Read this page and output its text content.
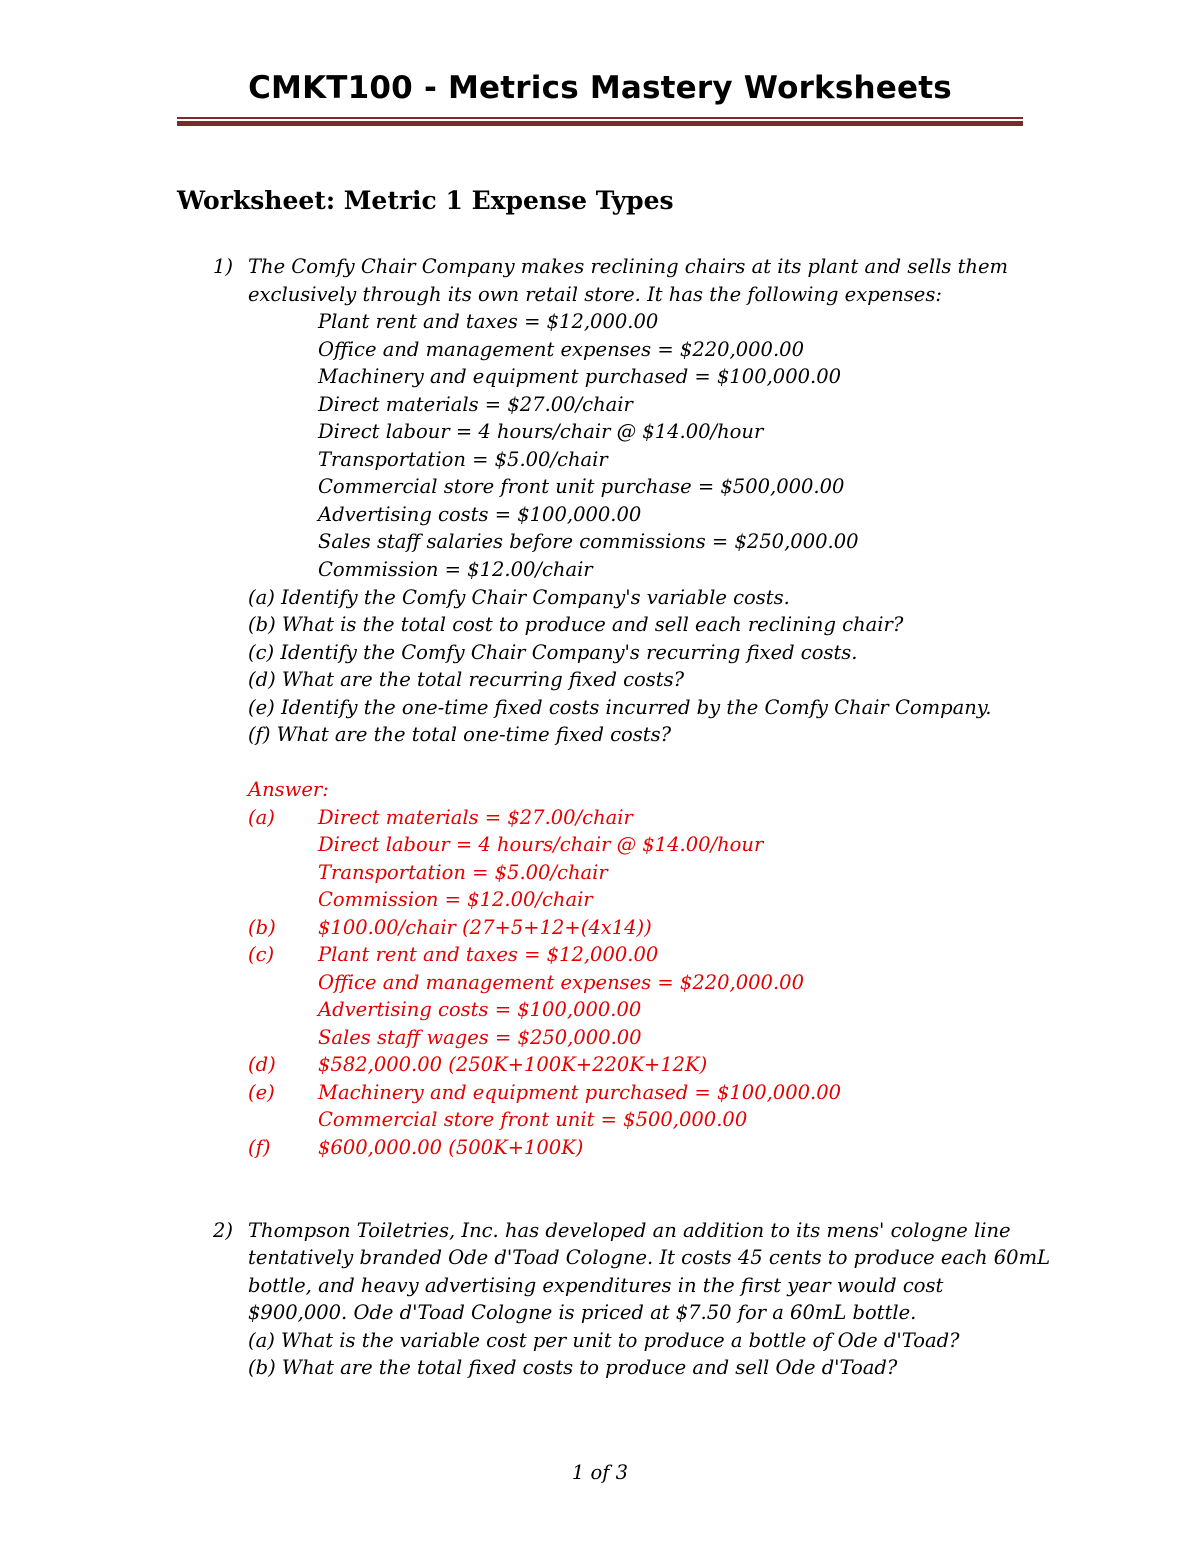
CMKT100 - Metrics Mastery Worksheets
Worksheet: Metric 1 Expense Types
1) The Comfy Chair Company makes reclining chairs at its plant and sells them
exclusively through its own retail store. It has the following expenses:
Plant rent and taxes = $12,000.00
Office and management expenses = $220,000.00
Machinery and equipment purchased = $100,000.00
Direct materials = $27.00/chair
Direct labour = 4 hours/chair @ $14.00/hour
Transportation = $5.00/chair
Commercial store front unit purchase = $500,000.00
Advertising costs = $100,000.00
Sales staff salaries before commissions = $250,000.00
Commission = $12.00/chair
(a) Identify the Comfy Chair Company's variable costs.
(b) What is the total cost to produce and sell each reclining chair?
(c) Identify the Comfy Chair Company's recurring fixed costs.
(d) What are the total recurring fixed costs?
(e) Identify the one-time fixed costs incurred by the Comfy Chair Company.
(f) What are the total one-time fixed costs?
Answer:
(a) Direct materials = $27.00/chair
Direct labour = 4 hours/chair @ $14.00/hour
Transportation = $5.00/chair
Commission = $12.00/chair
(b) $100.00/chair (27+5+12+(4x14))
(c) Plant rent and taxes = $12,000.00
Office and management expenses = $220,000.00
Advertising costs = $100,000.00
Sales staff wages = $250,000.00
(d) $582,000.00 (250K+100K+220K+12K)
(e) Machinery and equipment purchased = $100,000.00
Commercial store front unit = $500,000.00
(f) $600,000.00 (500K+100K)
2) Thompson Toiletries, Inc. has developed an addition to its mens' cologne line
tentatively branded Ode d'Toad Cologne. It costs 45 cents to produce each 60mL
bottle, and heavy advertising expenditures in the first year would cost
$900,000. Ode d'Toad Cologne is priced at $7.50 for a 60mL bottle.
(a) What is the variable cost per unit to produce a bottle of Ode d'Toad?
(b) What are the total fixed costs to produce and sell Ode d'Toad?
1 of 3
